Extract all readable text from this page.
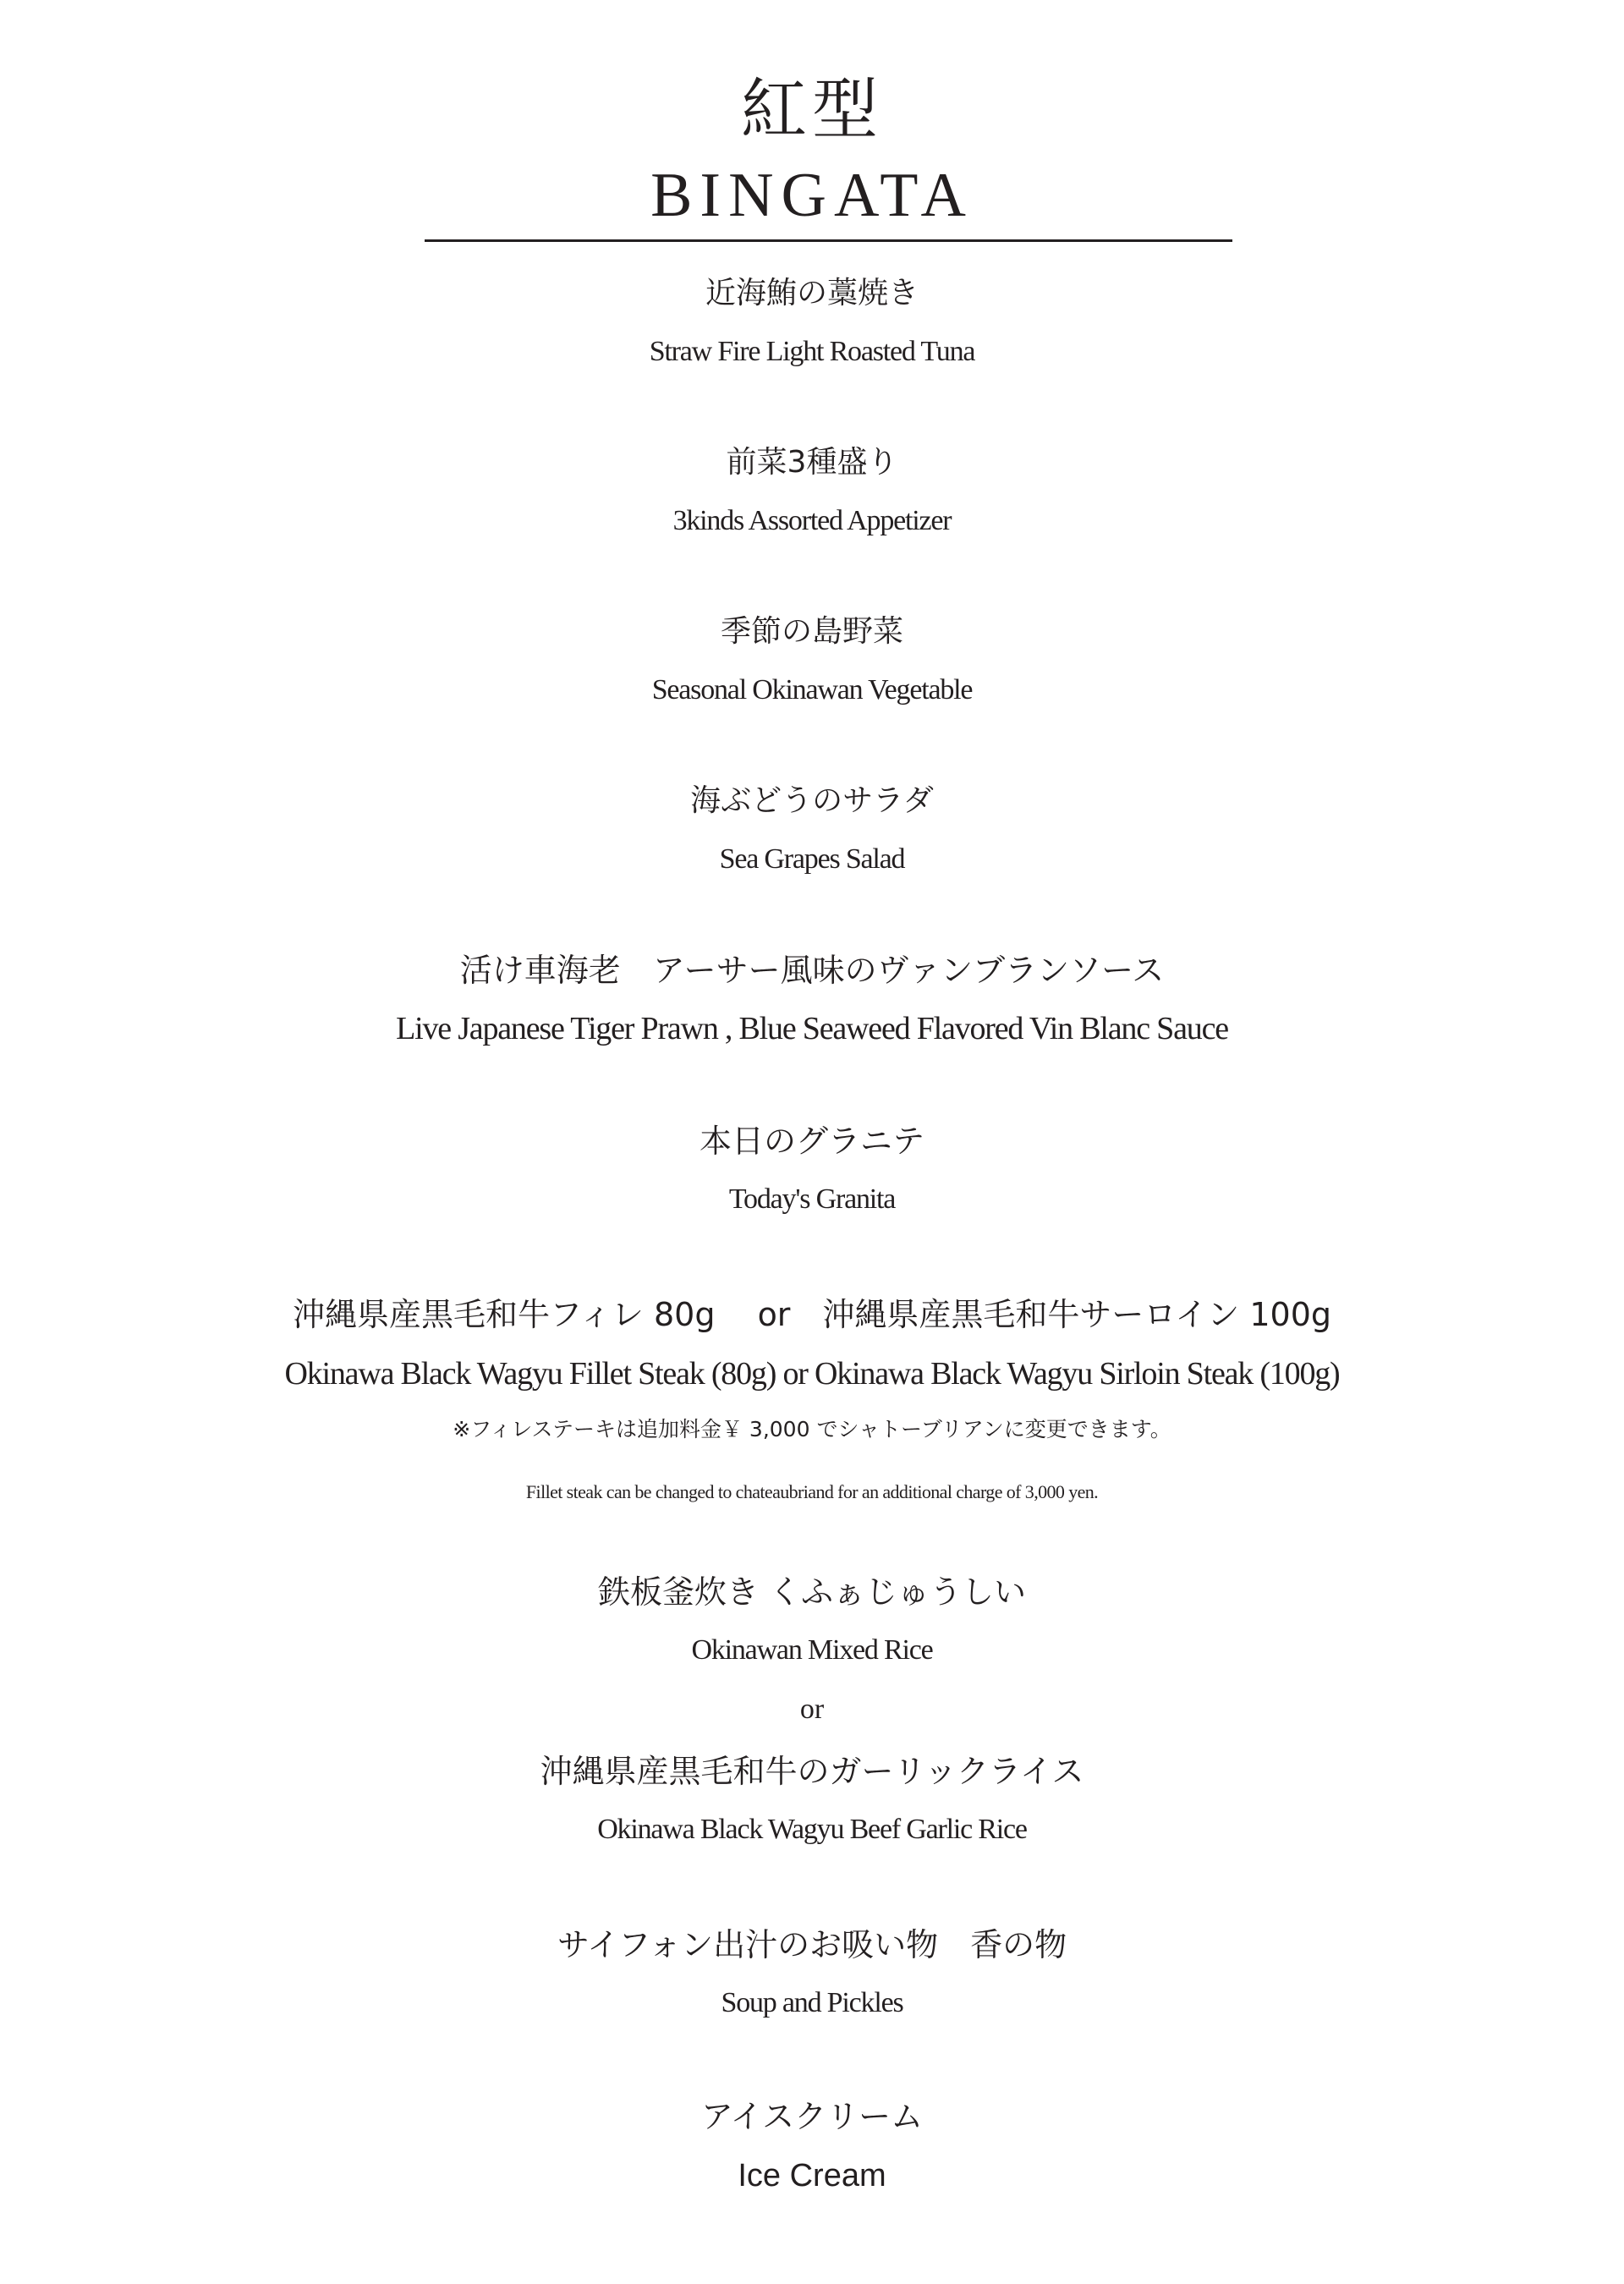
紅型
BINGATA
近海鮪の藁焼き
Straw Fire Light Roasted Tuna
前菜3種盛り
3kinds Assorted Appetizer
季節の島野菜
Seasonal Okinawan Vegetable
海ぶどうのサラダ
Sea Grapes Salad
活け車海老　アーサー風味のヴァンブランソース
Live Japanese Tiger Prawn , Blue Seaweed Flavored Vin Blanc Sauce
本日のグラニテ
Today's Granita
沖縄県産黒毛和牛フィレ 80g　 or　沖縄県産黒毛和牛サーロイン 100g
Okinawa Black Wagyu Fillet Steak (80g) or Okinawa Black Wagyu Sirloin Steak (100g)
※フィレステーキは追加料金￥ 3,000 でシャトーブリアンに変更できます。
Fillet steak can be changed to chateaubriand for an additional charge of 3,000 yen.
鉄板釜炊き くふぁじゅうしい
Okinawan Mixed Rice
or
沖縄県産黒毛和牛のガーリックライス
Okinawa Black Wagyu Beef Garlic Rice
サイフォン出汁のお吸い物　香の物
Soup and Pickles
アイスクリーム
Ice Cream
